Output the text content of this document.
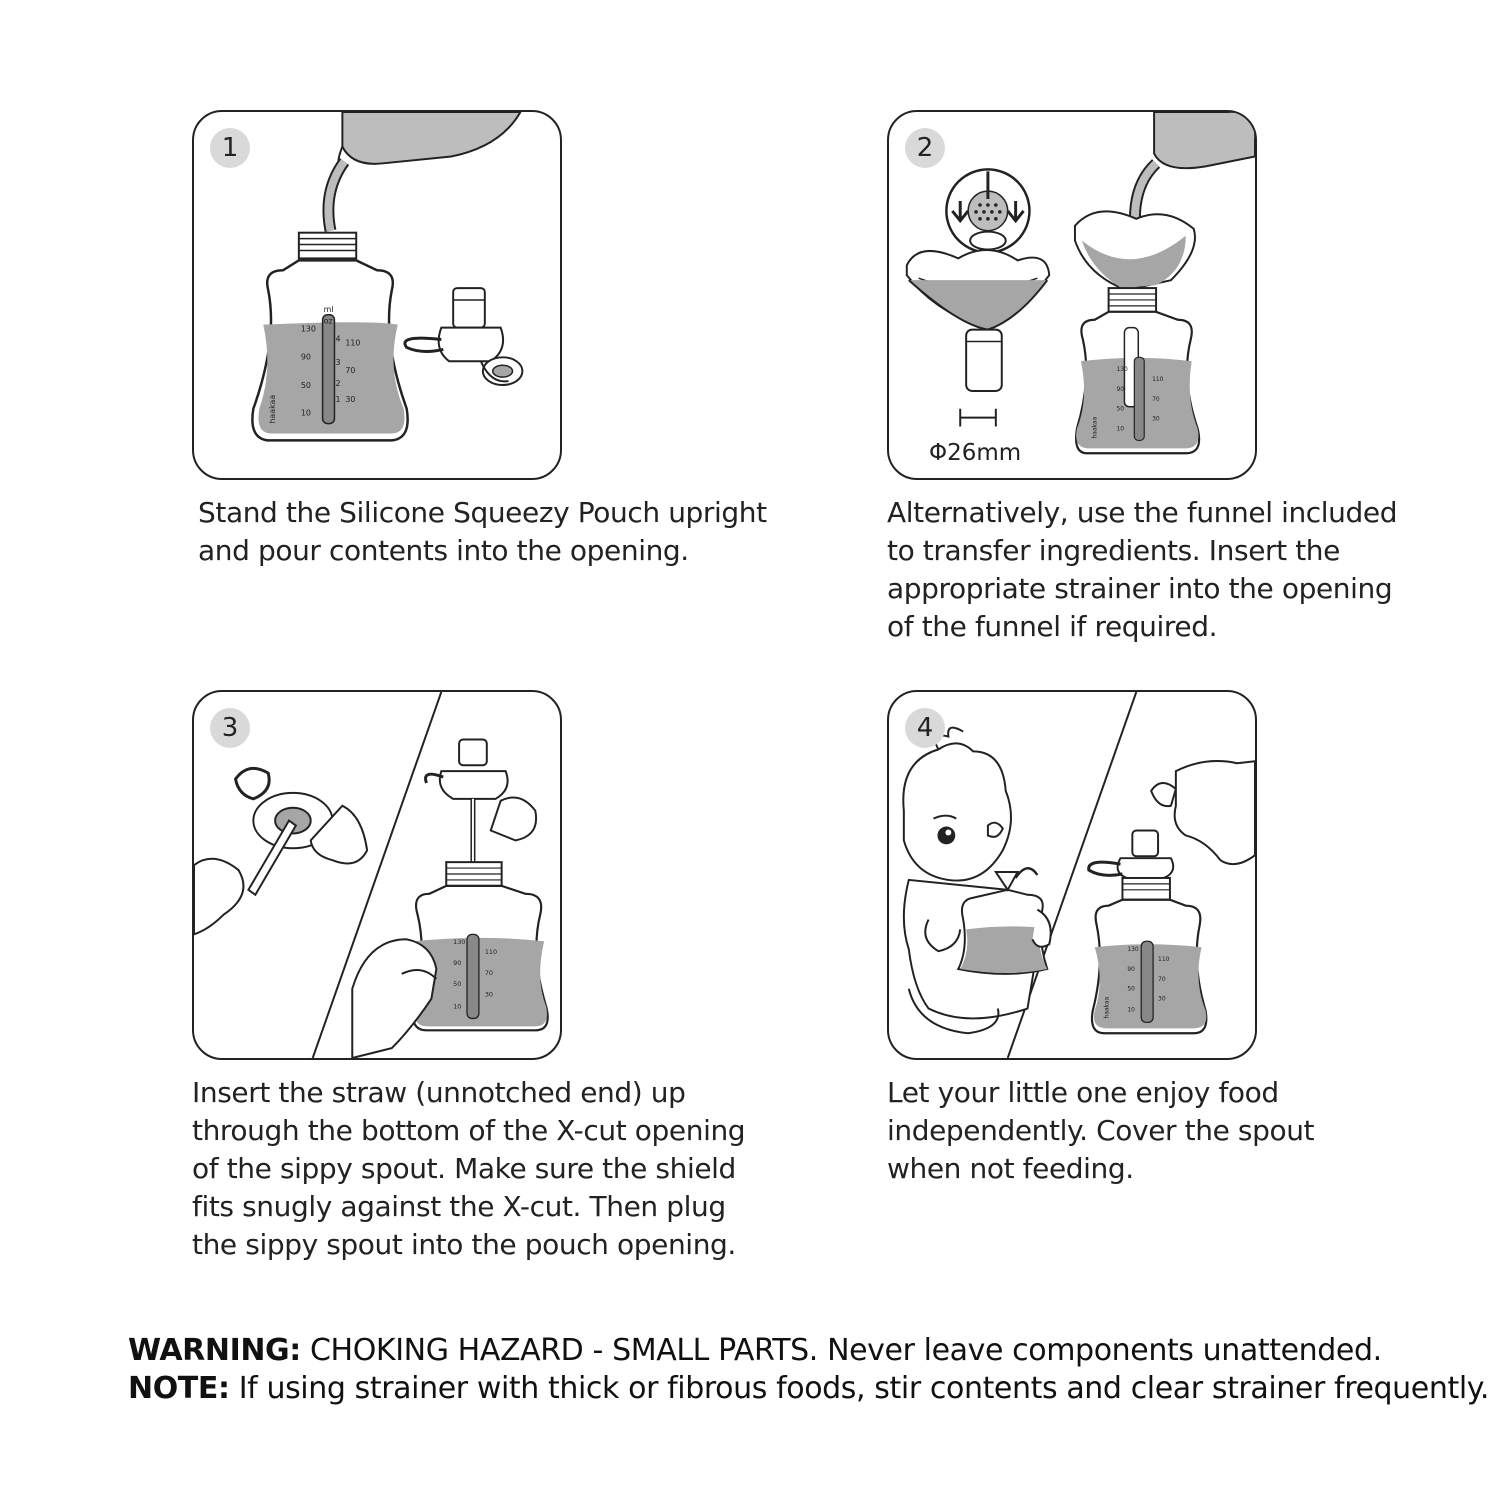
1
ml
oz
130
90
50
10
110
70
30
4
3
2
1
haakaa

Stand the Silicone Squeezy Pouch upright

and pour contents into the opening.

2
130
90
50
10
110
70
30
haakaa
Φ26mm

Alternatively, use the funnel included

to transfer ingredients. Insert the

appropriate strainer into the opening

of the funnel if required.

3
130
90
50
10
110
70
30

Insert the straw (unnotched end) up

through the bottom of the X-cut opening

of the sippy spout. Make sure the shield

fits snugly against the X-cut. Then plug

the sippy spout into the pouch opening.

4
130
90
50
10
110
70
30
haakaa

Let your little one enjoy food

independently. Cover the spout

when not feeding.

WARNING: CHOKING HAZARD - SMALL PARTS. Never leave components unattended.

NOTE: If using strainer with thick or fibrous foods, stir contents and clear strainer frequently.
